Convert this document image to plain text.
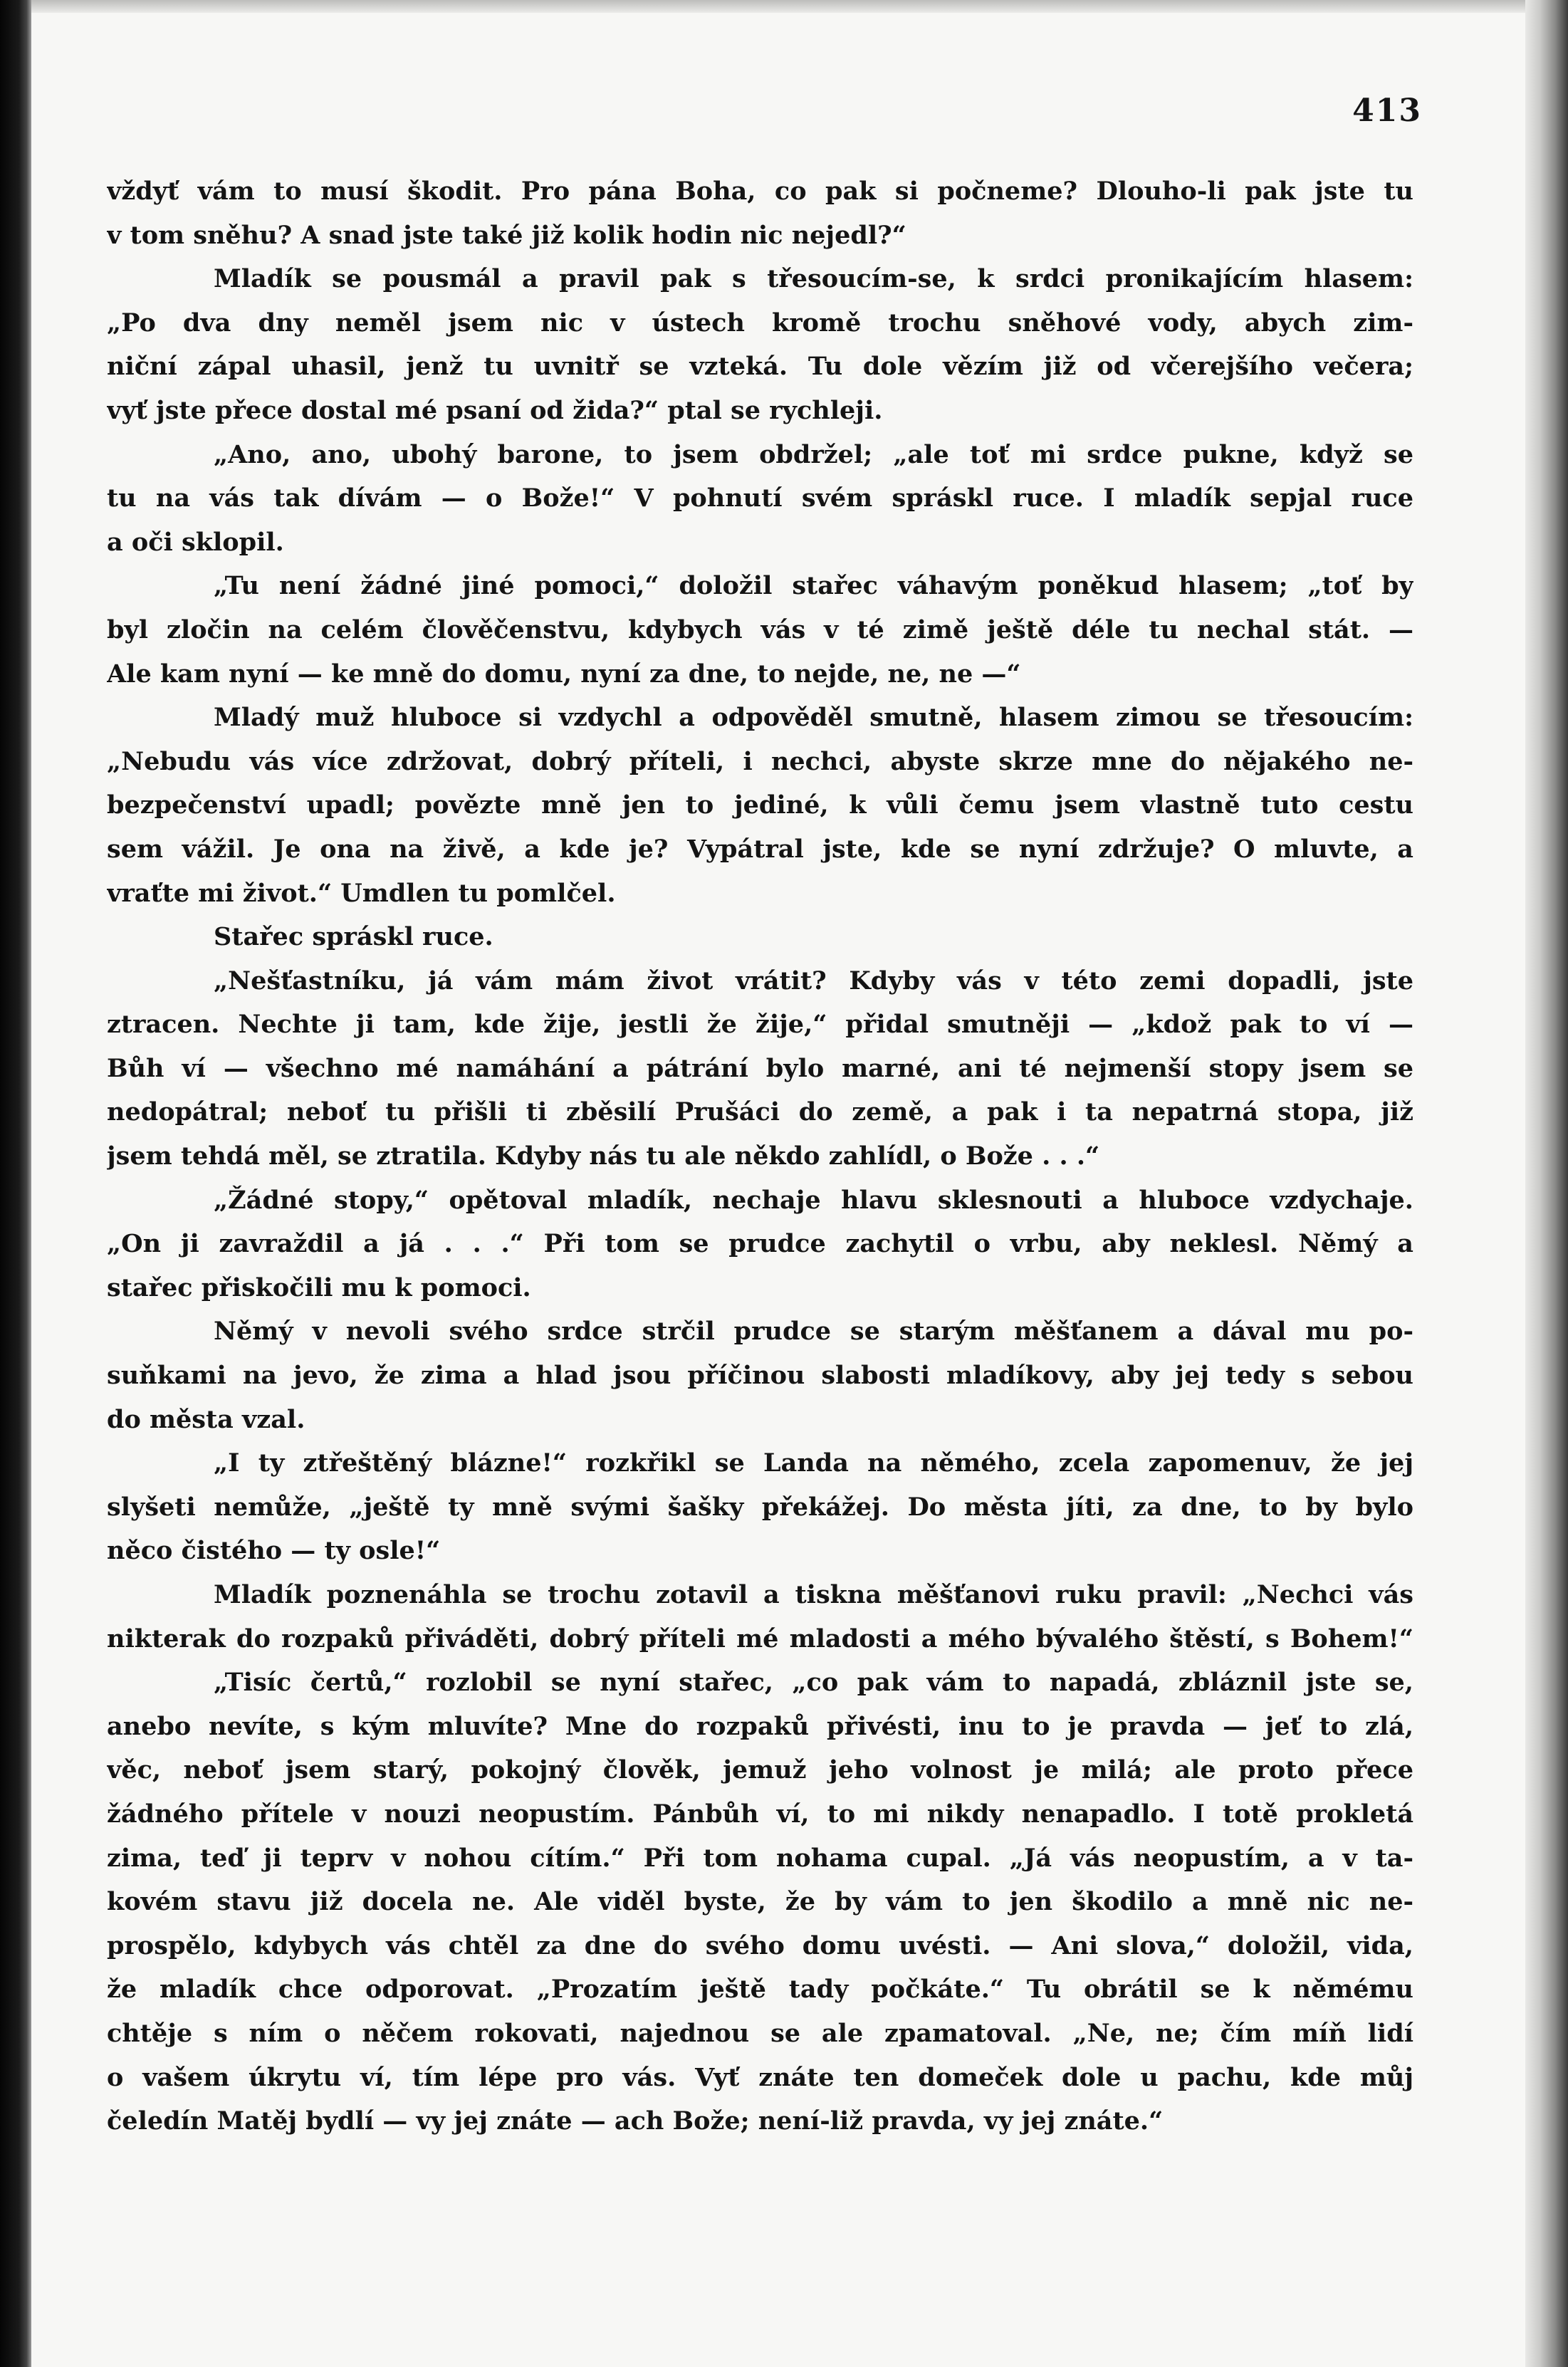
413
vždyť vám to musí škodit. Pro pána Boha, co pak si počneme? Dlouho-li pak jste tu
v tom sněhu? A snad jste také již kolik hodin nic nejedl?“
Mladík se pousmál a pravil pak s třesoucím-se, k srdci pronikajícím hlasem:
„Po dva dny neměl jsem nic v ústech kromě trochu sněhové vody, abych zim-
niční zápal uhasil, jenž tu uvnitř se vzteká. Tu dole vězím již od včerejšího večera;
vyť jste přece dostal mé psaní od žida?“ ptal se rychleji.
„Ano, ano, ubohý barone, to jsem obdržel; „ale toť mi srdce pukne, když se
tu na vás tak dívám — o Bože!“ V pohnutí svém spráskl ruce. I mladík sepjal ruce
a oči sklopil.
„Tu není žádné jiné pomoci,“ doložil stařec váhavým poněkud hlasem; „toť by
byl zločin na celém člověčenstvu, kdybych vás v té zimě ještě déle tu nechal stát. —
Ale kam nyní — ke mně do domu, nyní za dne, to nejde, ne, ne —“
Mladý muž hluboce si vzdychl a odpověděl smutně, hlasem zimou se třesoucím:
„Nebudu vás více zdržovat, dobrý příteli, i nechci, abyste skrze mne do nějakého ne-
bezpečenství upadl; povězte mně jen to jediné, k vůli čemu jsem vlastně tuto cestu
sem vážil. Je ona na živě, a kde je? Vypátral jste, kde se nyní zdržuje? O mluvte, a
vraťte mi život.“ Umdlen tu pomlčel.
Stařec spráskl ruce.
„Nešťastníku, já vám mám život vrátit? Kdyby vás v této zemi dopadli, jste
ztracen. Nechte ji tam, kde žije, jestli že žije,“ přidal smutněji — „kdož pak to ví —
Bůh ví — všechno mé namáhání a pátrání bylo marné, ani té nejmenší stopy jsem se
nedopátral; neboť tu přišli ti zběsilí Prušáci do země, a pak i ta nepatrná stopa, již
jsem tehdá měl, se ztratila. Kdyby nás tu ale někdo zahlídl, o Bože . . .“
„Žádné stopy,“ opětoval mladík, nechaje hlavu sklesnouti a hluboce vzdychaje.
„On ji zavraždil a já . . .“ Při tom se prudce zachytil o vrbu, aby neklesl. Němý a
stařec přiskočili mu k pomoci.
Němý v nevoli svého srdce strčil prudce se starým měšťanem a dával mu po-
suňkami na jevo, že zima a hlad jsou příčinou slabosti mladíkovy, aby jej tedy s sebou
do města vzal.
„I ty ztřeštěný blázne!“ rozkřikl se Landa na němého, zcela zapomenuv, že jej
slyšeti nemůže, „ještě ty mně svými šašky překážej. Do města jíti, za dne, to by bylo
něco čistého — ty osle!“
Mladík poznenáhla se trochu zotavil a tiskna měšťanovi ruku pravil: „Nechci vás
nikterak do rozpaků přiváděti, dobrý příteli mé mladosti a mého bývalého štěstí, s Bohem!“
„Tisíc čertů,“ rozlobil se nyní stařec, „co pak vám to napadá, zbláznil jste se,
anebo nevíte, s kým mluvíte? Mne do rozpaků přivésti, inu to je pravda — jeť to zlá,
věc, neboť jsem starý, pokojný člověk, jemuž jeho volnost je milá; ale proto přece
žádného přítele v nouzi neopustím. Pánbůh ví, to mi nikdy nenapadlo. I totě prokletá
zima, teď ji teprv v nohou cítím.“ Při tom nohama cupal. „Já vás neopustím, a v ta-
kovém stavu již docela ne. Ale viděl byste, že by vám to jen škodilo a mně nic ne-
prospělo, kdybych vás chtěl za dne do svého domu uvésti. — Ani slova,“ doložil, vida,
že mladík chce odporovat. „Prozatím ještě tady počkáte.“ Tu obrátil se k němému
chtěje s ním o něčem rokovati, najednou se ale zpamatoval. „Ne, ne; čím míň lidí
o vašem úkrytu ví, tím lépe pro vás. Vyť znáte ten domeček dole u pachu, kde můj
čeledín Matěj bydlí — vy jej znáte — ach Bože; není-liž pravda, vy jej znáte.“
